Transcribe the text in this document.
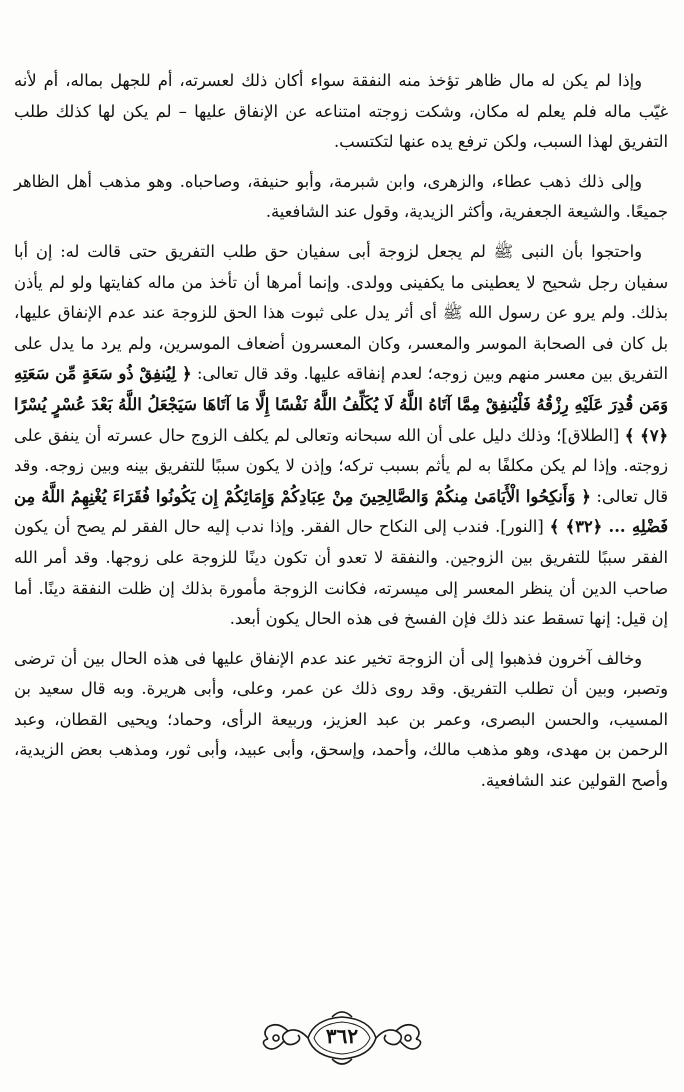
وإذا لم يكن له مال ظاهر تؤخذ منه النفقة سواء أكان ذلك لعسرته، أم للجهل بماله، أم لأنه غيّب ماله فلم يعلم له مكان، وشكت زوجته امتناعه عن الإنفاق عليها – لم يكن لها كذلك طلب التفريق لهذا السبب، ولكن ترفع يده عنها لتكتسب.

وإلى ذلك ذهب عطاء، والزهرى، وابن شبرمة، وأبو حنيفة، وصاحباه. وهو مذهب أهل الظاهر جميعًا. والشيعة الجعفرية، وأكثر الزيدية، وقول عند الشافعية.

واحتجوا بأن النبى ﷺ لم يجعل لزوجة أبى سفيان حق طلب التفريق حتى قالت له: إن أبا سفيان رجل شحيح لا يعطينى ما يكفينى وولدى. وإنما أمرها أن تأخذ من ماله كفايتها ولو لم يأذن بذلك. ولم يرو عن رسول الله ﷺ أى أثر يدل على ثبوت هذا الحق للزوجة عند عدم الإنفاق عليها، بل كان فى الصحابة الموسر والمعسر، وكان المعسرون أضعاف الموسرين، ولم يرد ما يدل على التفريق بين معسر منهم وبين زوجه؛ لعدم إنفاقه عليها. وقد قال تعالى: ﴿ لِيُنفِقْ ذُو سَعَةٍ مِّن سَعَتِهِ وَمَن قُدِرَ عَلَيْهِ رِزْقُهُ فَلْيُنفِقْ مِمَّا آتَاهُ اللَّهُ لَا يُكَلِّفُ اللَّهُ نَفْسًا إِلَّا مَا آتَاهَا سَيَجْعَلُ اللَّهُ بَعْدَ عُسْرٍ يُسْرًا ﴿٧﴾ ﴾ [الطلاق]؛ وذلك دليل على أن الله سبحانه وتعالى لم يكلف الزوج حال عسرته أن ينفق على زوجته. وإذا لم يكن مكلفًا به لم يأثم بسبب تركه؛ وإذن لا يكون سببًا للتفريق بينه وبين زوجه. وقد قال تعالى: ﴿ وَأَنكِحُوا الْأَيَامَىٰ مِنكُمْ وَالصَّالِحِينَ مِنْ عِبَادِكُمْ وَإِمَائِكُمْ إِن يَكُونُوا فُقَرَاءَ يُغْنِهِمُ اللَّهُ مِن فَضْلِهِ ... ﴿٣٢﴾ ﴾ [النور]. فندب إلى النكاح حال الفقر. وإذا ندب إليه حال الفقر لم يصح أن يكون الفقر سببًا للتفريق بين الزوجين. والنفقة لا تعدو أن تكون دينًا للزوجة على زوجها. وقد أمر الله صاحب الدين أن ينظر المعسر إلى ميسرته، فكانت الزوجة مأمورة بذلك إن ظلت النفقة دينًا. أما إن قيل: إنها تسقط عند ذلك فإن الفسخ فى هذه الحال يكون أبعد.

وخالف آخرون فذهبوا إلى أن الزوجة تخير عند عدم الإنفاق عليها فى هذه الحال بين أن ترضى وتصبر، وبين أن تطلب التفريق. وقد روى ذلك عن عمر، وعلى، وأبى هريرة. وبه قال سعيد بن المسيب، والحسن البصرى، وعمر بن عبد العزيز، وربيعة الرأى، وحماد؛ ويحيى القطان، وعبد الرحمن بن مهدى، وهو مذهب مالك، وأحمد، وإسحق، وأبى عبيد، وأبى ثور، ومذهب بعض الزيدية، وأصح القولين عند الشافعية.

٣٦٢
